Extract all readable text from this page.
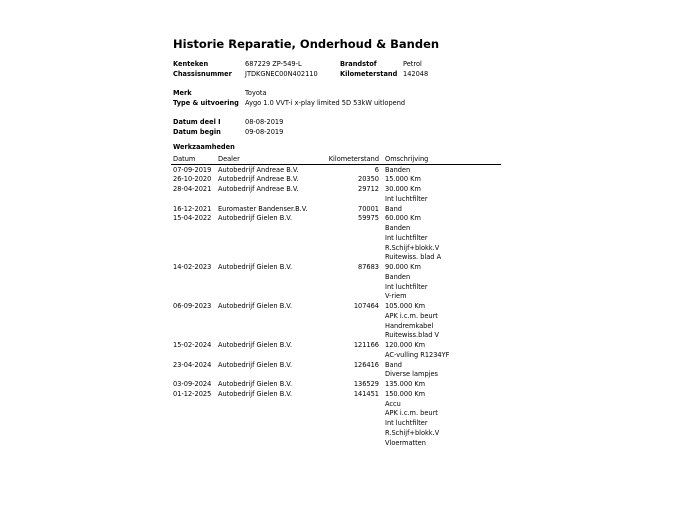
Historie Reparatie, Onderhoud & Banden
Kenteken	687229 ZP-549-L	Brandstof	Petrol
Chassisnummer JTDKGNEC00N402110	Kilometerstand 142048
Merk	Toyota
Type & uitvoering Aygo 1.0 VVT-i x-play limited 5D 53kW uitlopend
Datum deel I	08-08-2019
Datum begin	09-08-2019
Werkzaamheden
Datum	Dealer	Kilometerstand Omschrijving
07-09-2019 Autobedrijf Andreae B.V.	6 Banden
26-10-2020 Autobedrijf Andreae B.V.	20350 15.000 Km
28-04-2021 Autobedrijf Andreae B.V.	29712 30.000 Km
Int luchtfilter
16-12-2021 Euromaster Bandenser.B.V.	70001 Band
15-04-2022 Autobedrijf Gielen B.V.	59975 60.000 Km
Banden
Int luchtfilter
R.Schijf+blokk.V
Ruitewiss. blad A
14-02-2023 Autobedrijf Gielen B.V.	87683 90.000 Km
Banden
Int luchtfilter
V-riem
06-09-2023 Autobedrijf Gielen B.V.	107464 105.000 Km
APK i.c.m. beurt
Handremkabel
Ruitewiss.blad V
15-02-2024 Autobedrijf Gielen B.V.	121166 120.000 Km
AC-vulling R1234YF
23-04-2024 Autobedrijf Gielen B.V.	126416 Band
Diverse lampjes
03-09-2024 Autobedrijf Gielen B.V.	136529 135.000 Km
01-12-2025 Autobedrijf Gielen B.V.	141451 150.000 Km
Accu
APK i.c.m. beurt
Int luchtfilter
R.Schijf+blokk.V
Vloermatten
